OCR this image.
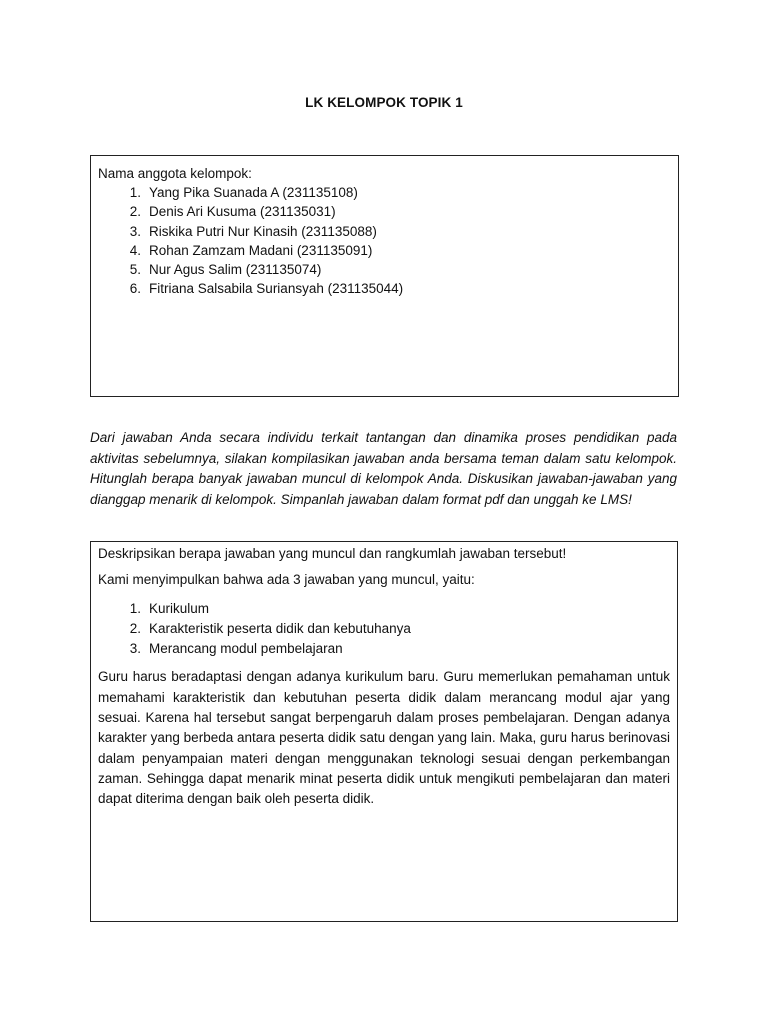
LK KELOMPOK TOPIK 1
Nama anggota kelompok:
1. Yang Pika Suanada A (231135108)
2. Denis Ari Kusuma (231135031)
3. Riskika Putri Nur Kinasih (231135088)
4. Rohan Zamzam Madani (231135091)
5. Nur Agus Salim (231135074)
6. Fitriana Salsabila Suriansyah (231135044)
Dari jawaban Anda secara individu terkait tantangan dan dinamika proses pendidikan pada aktivitas sebelumnya, silakan kompilasikan jawaban anda bersama teman dalam satu kelompok. Hitunglah berapa banyak jawaban muncul di kelompok Anda. Diskusikan jawaban-jawaban yang dianggap menarik di kelompok. Simpanlah jawaban dalam format pdf dan unggah ke LMS!

Deskripsikan berapa jawaban yang muncul dan rangkumlah jawaban tersebut!

Kami menyimpulkan bahwa ada 3 jawaban yang muncul, yaitu:

1. Kurikulum
2. Karakteristik peserta didik dan kebutuhanya
3. Merancang modul pembelajaran

Guru harus beradaptasi dengan adanya kurikulum baru. Guru memerlukan pemahaman untuk memahami karakteristik dan kebutuhan peserta didik dalam merancang modul ajar yang sesuai. Karena hal tersebut sangat berpengaruh dalam proses pembelajaran. Dengan adanya karakter yang berbeda antara peserta didik satu dengan yang lain. Maka, guru harus berinovasi dalam penyampaian materi dengan menggunakan teknologi sesuai dengan perkembangan zaman. Sehingga dapat menarik minat peserta didik untuk mengikuti pembelajaran dan materi dapat diterima dengan baik oleh peserta didik.
